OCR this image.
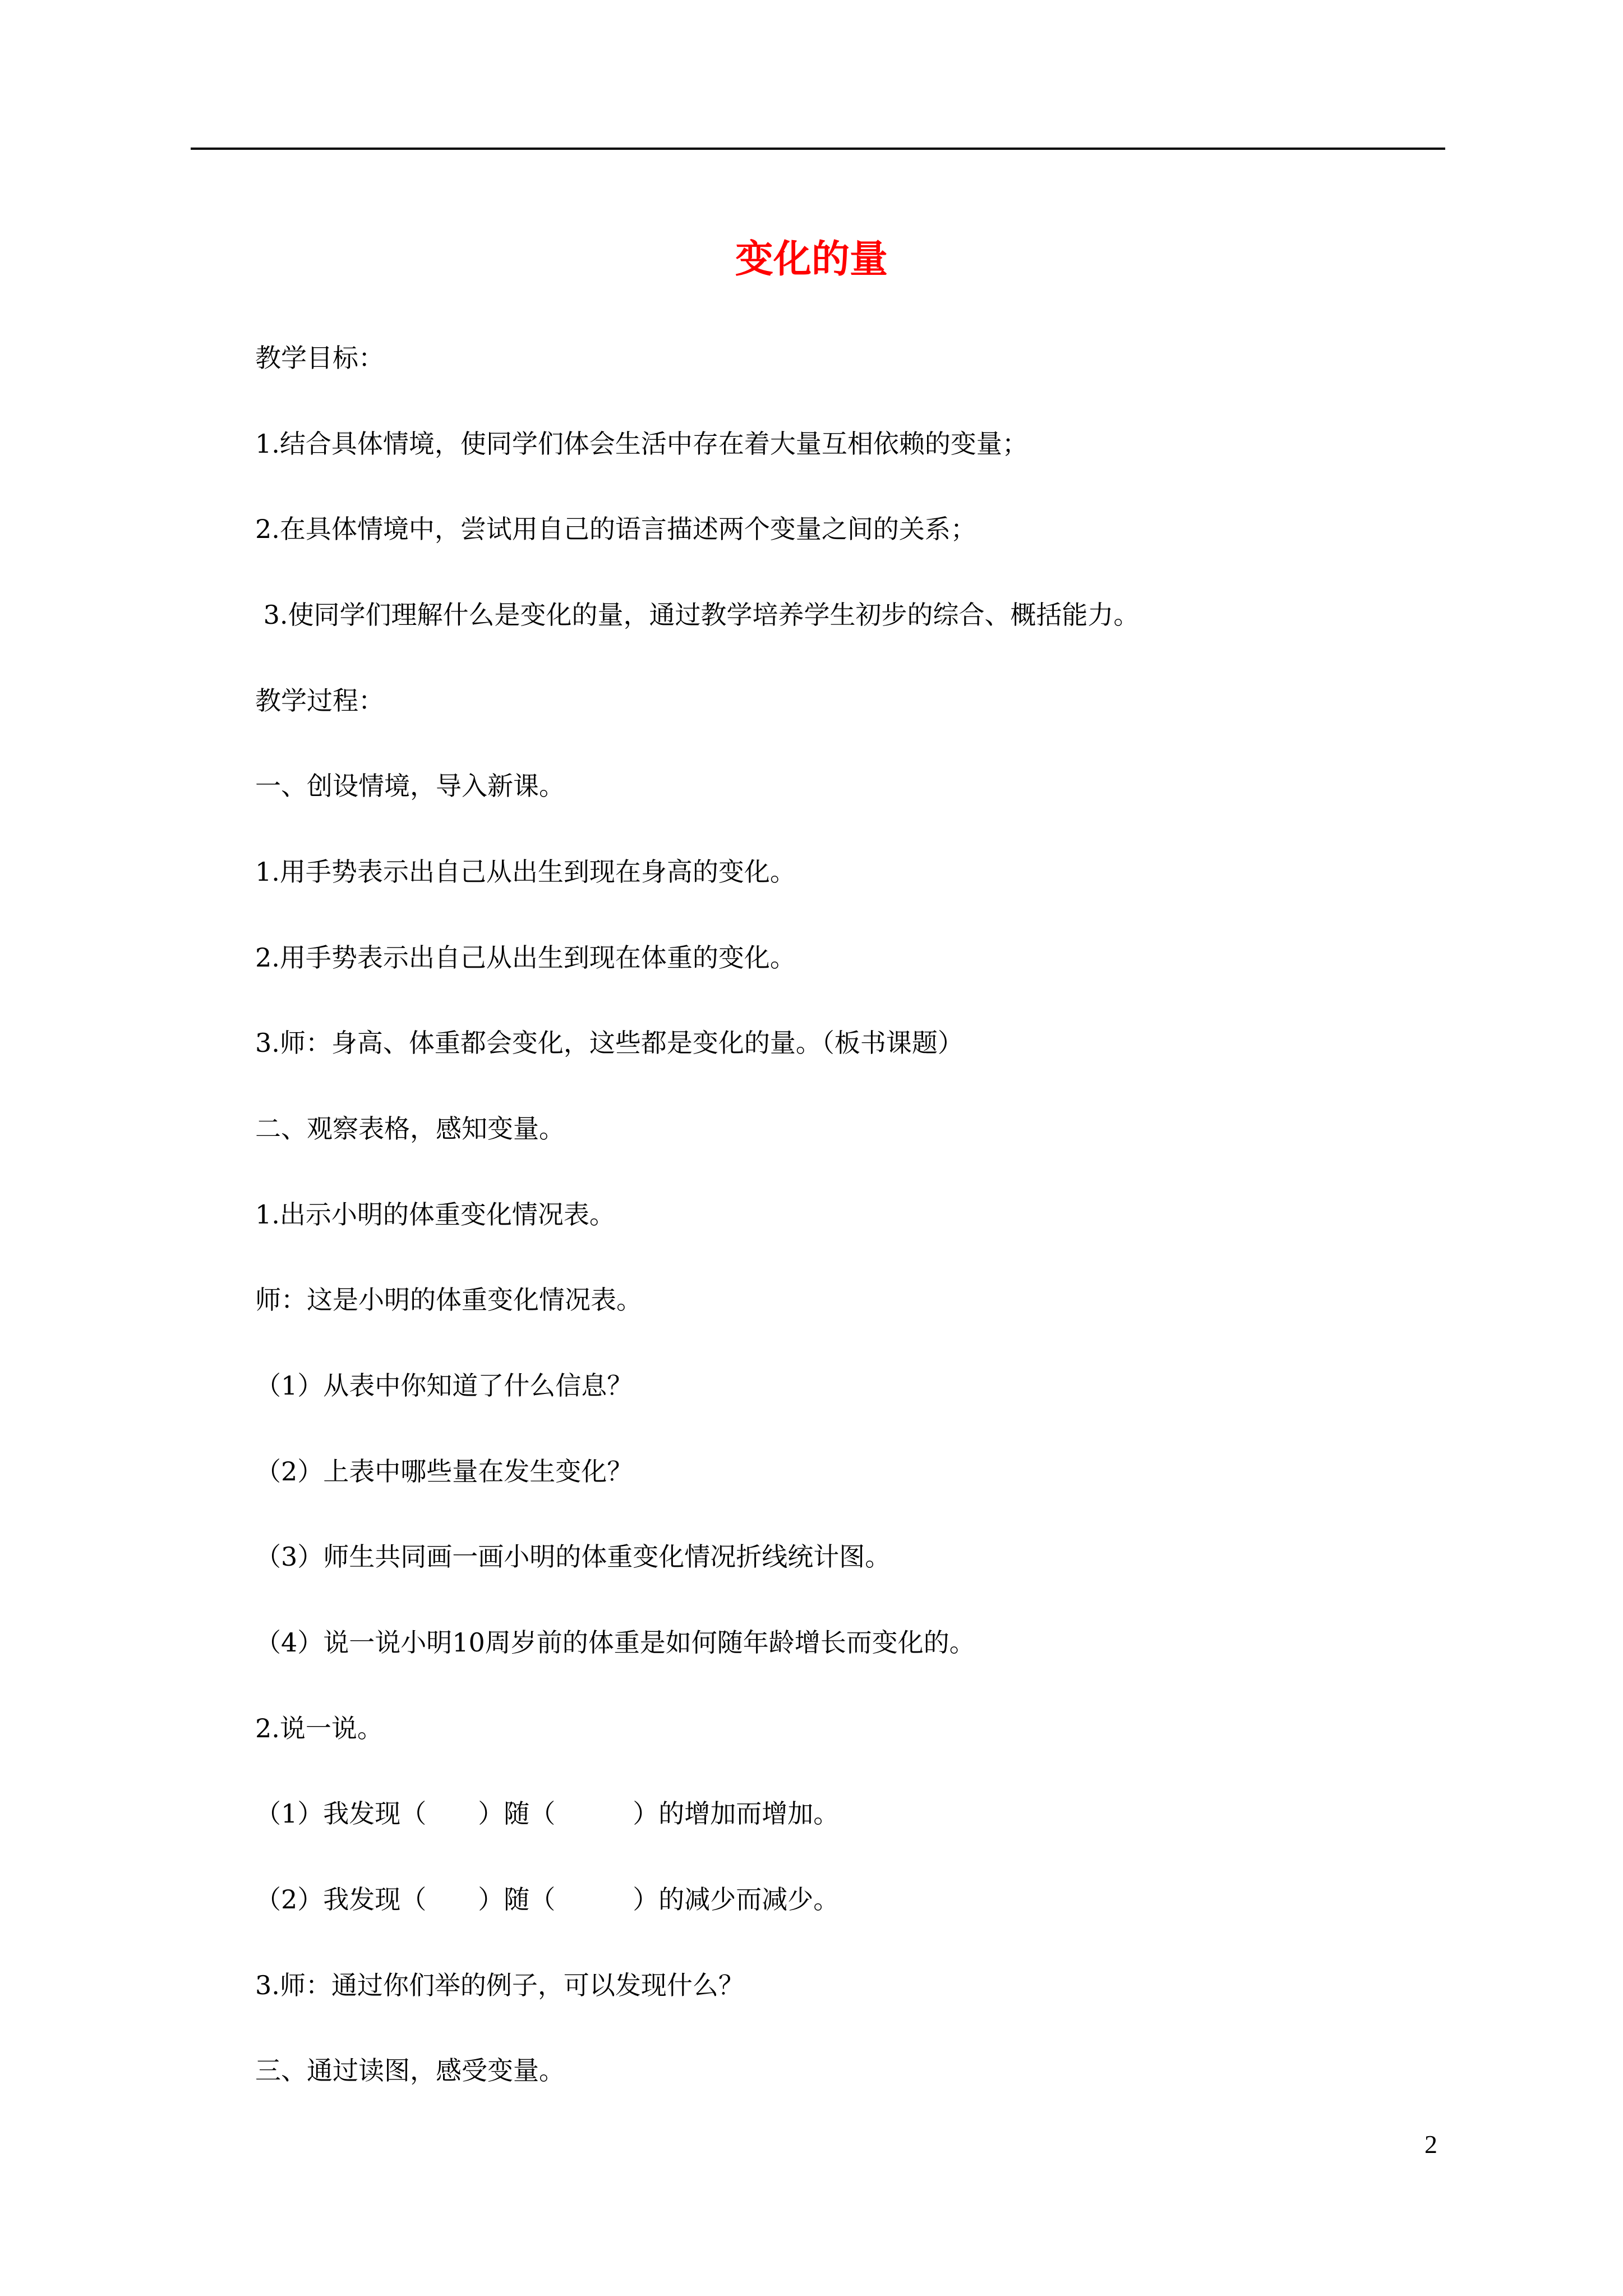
变化的量
教学目标：
1.结合具体情境，使同学们体会生活中存在着大量互相依赖的变量；
2.在具体情境中，尝试用自己的语言描述两个变量之间的关系；
3.使同学们理解什么是变化的量，通过教学培养学生初步的综合、概括能力。
教学过程：
一、创设情境，导入新课。
1.用手势表示出自己从出生到现在身高的变化。
2.用手势表示出自己从出生到现在体重的变化。
3.师：身高、体重都会变化，这些都是变化的量。（板书课题）
二、观察表格，感知变量。
1.出示小明的体重变化情况表。
师：这是小明的体重变化情况表。
（1）从表中你知道了什么信息？
（2）上表中哪些量在发生变化？
（3）师生共同画一画小明的体重变化情况折线统计图。
（4）说一说小明10周岁前的体重是如何随年龄增长而变化的。
2.说一说。
（1）我发现（　　）随（　　　）的增加而增加。
（2）我发现（　　）随（　　　）的减少而减少。
3.师：通过你们举的例子，可以发现什么？
三、通过读图，感受变量。
2
